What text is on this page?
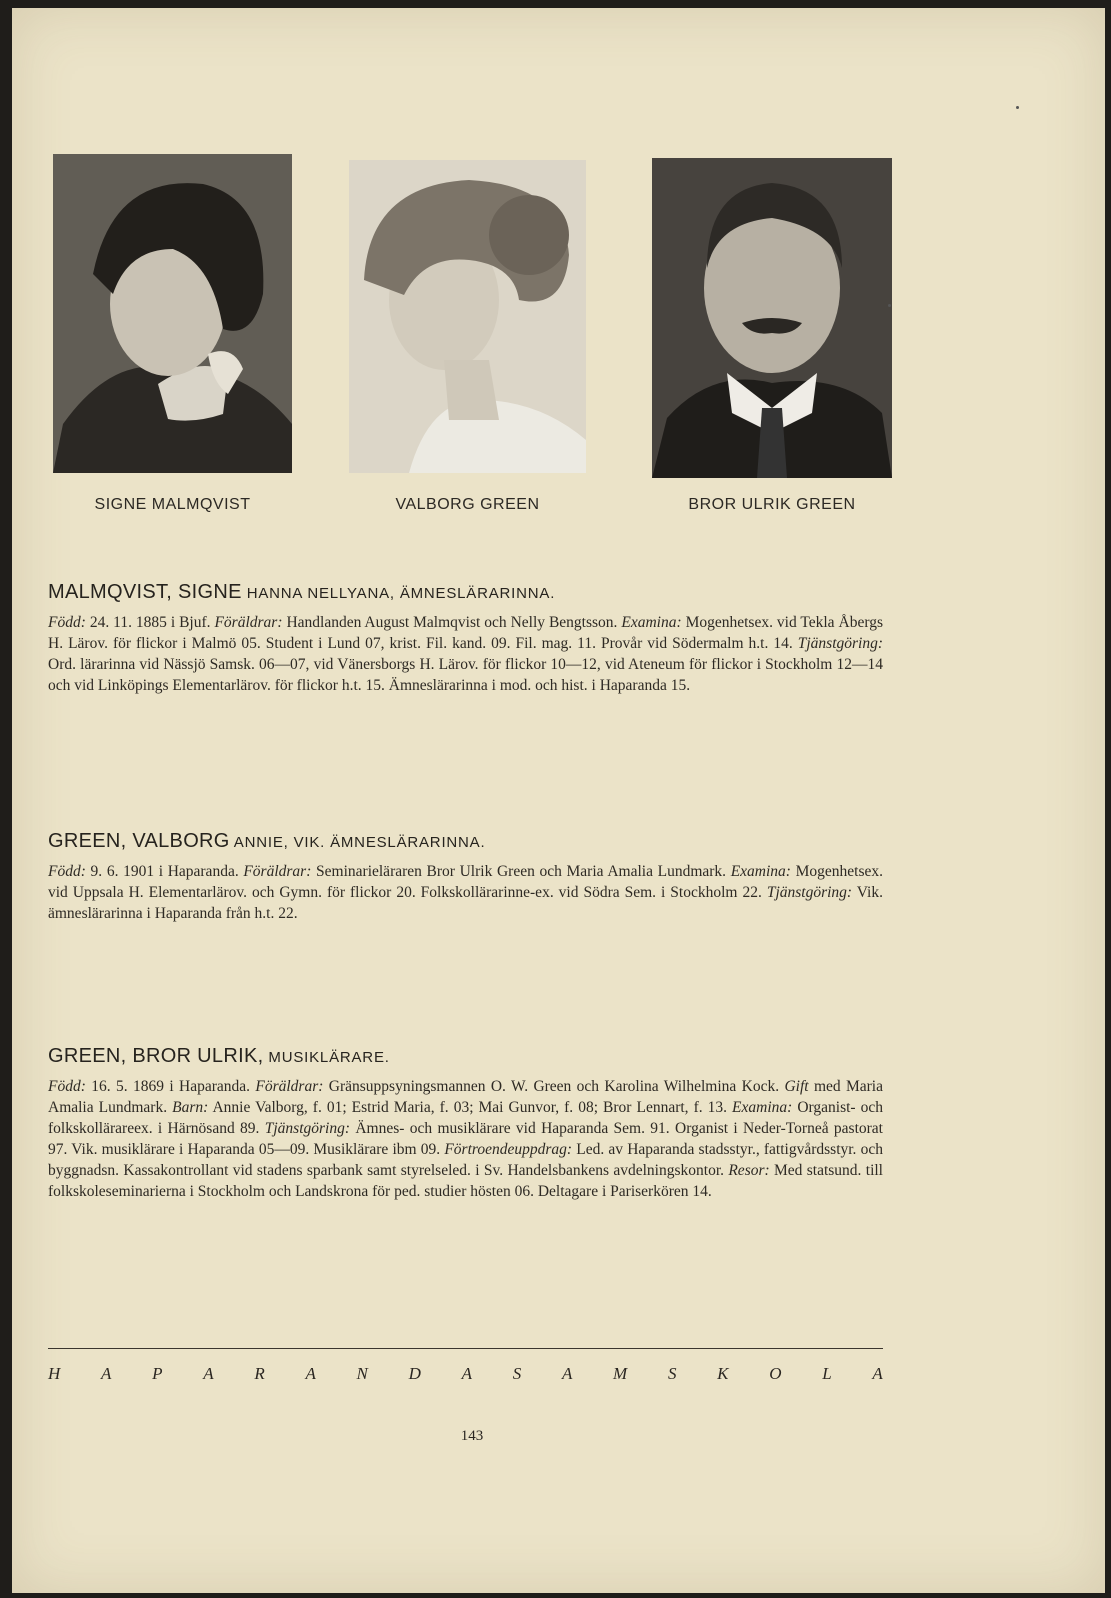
SIGNE MALMQVIST	VALBORG GREEN	BROR ULRIK GREEN
MALMQVIST, SIGNE HANNA NELLYANA, ÄMNESLÄRARINNA.

Född: 24. 11. 1885 i Bjuf. Föräldrar: Handlanden August Malmqvist och Nelly Bengtsson. Examina: Mogenhetsex. vid Tekla Åbergs H. Lärov. för flickor i Malmö 05. Student i Lund 07, krist. Fil. kand. 09. Fil. mag. 11. Provår vid Södermalm h.t. 14. Tjänstgöring: Ord. lärarinna vid Nässjö Samsk. 06—07, vid Vänersborgs H. Lärov. för flickor 10—12, vid Ateneum för flickor i Stockholm 12—14 och vid Linköpings Elementarlärov. för flickor h.t. 15. Ämneslärarinna i mod. och hist. i Haparanda 15.

GREEN, VALBORG ANNIE, VIK. ÄMNESLÄRARINNA.

Född: 9. 6. 1901 i Haparanda. Föräldrar: Seminarieläraren Bror Ulrik Green och Maria Amalia Lundmark. Examina: Mogenhetsex. vid Uppsala H. Elementarlärov. och Gymn. för flickor 20. Folkskollärarinne-ex. vid Södra Sem. i Stockholm 22. Tjänstgöring: Vik. ämneslärarinna i Haparanda från h.t. 22.

GREEN, BROR ULRIK, MUSIKLÄRARE.

Född: 16. 5. 1869 i Haparanda. Föräldrar: Gränsuppsyningsmannen O. W. Green och Karolina Wilhelmina Kock. Gift med Maria Amalia Lundmark. Barn: Annie Valborg, f. 01; Estrid Maria, f. 03; Mai Gunvor, f. 08; Bror Lennart, f. 13. Examina: Organist- och folkskollärareex. i Härnösand 89. Tjänstgöring: Ämnes- och musiklärare vid Haparanda Sem. 91. Organist i Neder-Torneå pastorat 97. Vik. musiklärare i Haparanda 05—09. Musiklärare ibm 09. Förtroendeuppdrag: Led. av Haparanda stadsstyr., fattigvårdsstyr. och byggnadsn. Kassakontrollant vid stadens sparbank samt styrelseled. i Sv. Handelsbankens avdelningskontor. Resor: Med statsund. till folkskoleseminarierna i Stockholm och Landskrona för ped. studier hösten 06. Deltagare i Pariserkören 14.

H A P A R A N D A S A M S K O L A
143
